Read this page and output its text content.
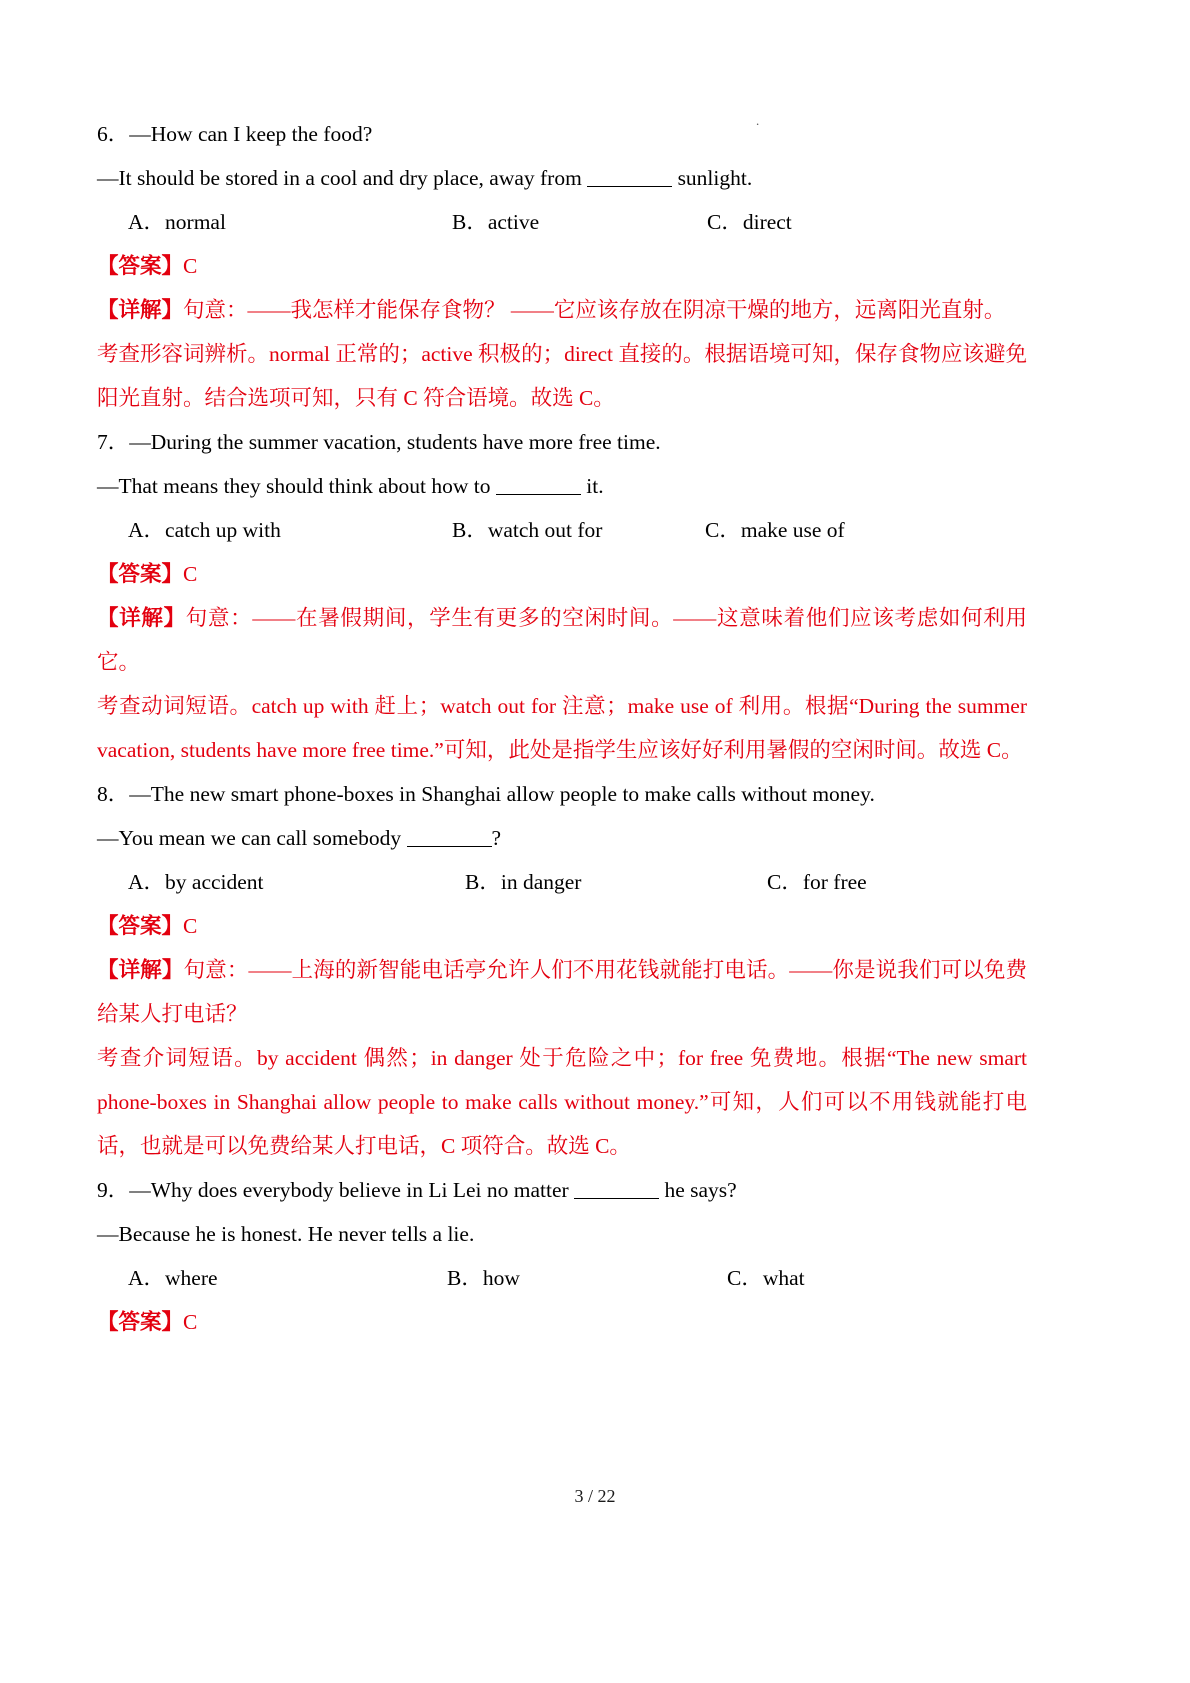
.
6．—How can I keep the food?
—It should be stored in a cool and dry place, away from	sunlight.
A．normal	B．active	C．direct
【答案】C
【详解】句意：——我怎样才能保存食物？ ——它应该存放在阴凉干燥的地方，远离阳光直射。
考查形容词辨析。normal 正常的；active 积极的；direct 直接的。根据语境可知，保存食物应该避免阳光直射。结合选项可知，只有 C 符合语境。故选 C。
7．—During the summer vacation, students have more free time.
—That means they should think about how to	it.
A．catch up with	B．watch out for	C．make use of
【答案】C
【详解】句意：——在暑假期间，学生有更多的空闲时间。——这意味着他们应该考虑如何利用它。
考查动词短语。catch up with 赶上；watch out for 注意；make use of 利用。根据“During the summer vacation, students have more free time.”可知，此处是指学生应该好好利用暑假的空闲时间。故选 C。
8．—The new smart phone-boxes in Shanghai allow people to make calls without money.
—You mean we can call somebody	?
A．by accident	B．in danger	C．for free
【答案】C
【详解】句意：——上海的新智能电话亭允许人们不用花钱就能打电话。——你是说我们可以免费给某人打电话？
考查介词短语。by accident 偶然；in danger 处于危险之中；for free 免费地。根据“The new smart phone-boxes in Shanghai allow people to make calls without money.”可知，人们可以不用钱就能打电话，也就是可以免费给某人打电话，C 项符合。故选 C。
9．—Why does everybody believe in Li Lei no matter	he says?
—Because he is honest. He never tells a lie.
A．where	B．how	C．what
【答案】C
3 / 22
